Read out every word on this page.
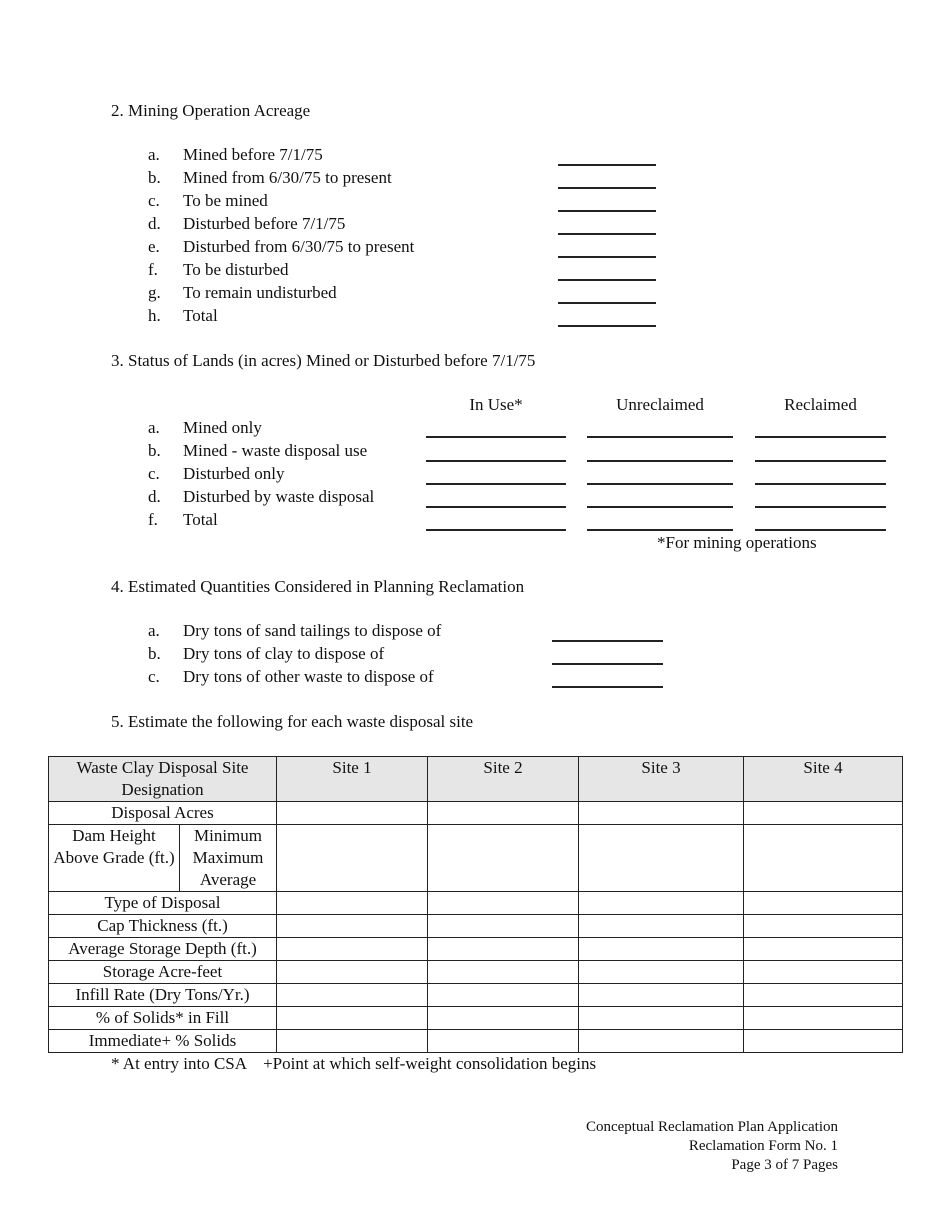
2. Mining Operation Acreage
a. Mined before 7/1/75
b. Mined from 6/30/75 to present
c. To be mined
d. Disturbed before 7/1/75
e. Disturbed from 6/30/75 to present
f. To be disturbed
g. To remain undisturbed
h. Total
3. Status of Lands (in acres) Mined or Disturbed before 7/1/75
In Use*	Unreclaimed	Reclaimed
a. Mined only
b. Mined - waste disposal use
c. Disturbed only
d. Disturbed by waste disposal
f. Total
*For mining operations
4. Estimated Quantities Considered in Planning Reclamation
a. Dry tons of sand tailings to dispose of
b. Dry tons of clay to dispose of
c. Dry tons of other waste to dispose of
5. Estimate the following for each waste disposal site
Waste Clay Disposal Site Designation		Site 1	Site 2	Site 3	Site 4
Disposal Acres					
Dam Height Above Grade (ft.)	Minimum
Maximum
Average				

Type of Disposal					
Cap Thickness (ft.)					
Average Storage Depth (ft.)					
Storage Acre-feet					
Infill Rate (Dry Tons/Yr.)					
% of Solids* in Fill					
Immediate+ % Solids					
* At entry into CSA    +Point at which self-weight consolidation begins
Conceptual Reclamation Plan Application
Reclamation Form No. 1
Page 3 of 7 Pages
